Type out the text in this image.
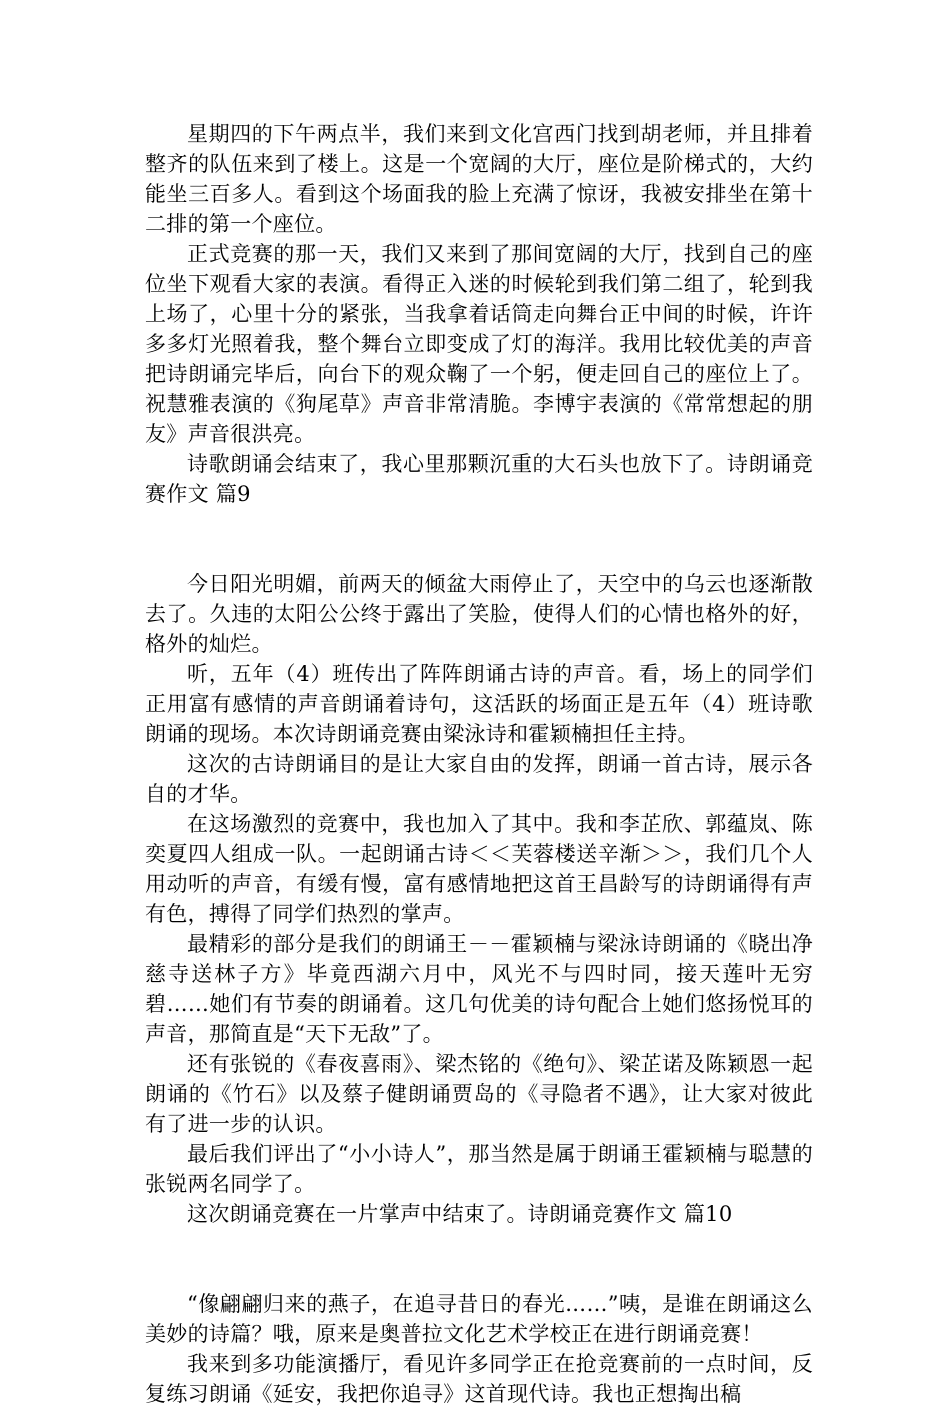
星期四的下午两点半，我们来到文化宫西门找到胡老师，并且排着整齐的队伍来到了楼上。这是一个宽阔的大厅，座位是阶梯式的，大约能坐三百多人。看到这个场面我的脸上充满了惊讶，我被安排坐在第十二排的第一个座位。

正式竞赛的那一天，我们又来到了那间宽阔的大厅，找到自己的座位坐下观看大家的表演。看得正入迷的时候轮到我们第二组了，轮到我上场了，心里十分的紧张，当我拿着话筒走向舞台正中间的时候，许许多多灯光照着我，整个舞台立即变成了灯的海洋。我用比较优美的声音把诗朗诵完毕后，向台下的观众鞠了一个躬，便走回自己的座位上了。祝慧雅表演的《狗尾草》声音非常清脆。李博宇表演的《常常想起的朋友》声音很洪亮。

诗歌朗诵会结束了，我心里那颗沉重的大石头也放下了。诗朗诵竞赛作文 篇9

今日阳光明媚，前两天的倾盆大雨停止了，天空中的乌云也逐渐散去了。久违的太阳公公终于露出了笑脸，使得人们的心情也格外的好，格外的灿烂。

听，五年（4）班传出了阵阵朗诵古诗的声音。看，场上的同学们正用富有感情的声音朗诵着诗句，这活跃的场面正是五年（4）班诗歌朗诵的现场。本次诗朗诵竞赛由梁泳诗和霍颖楠担任主持。

这次的古诗朗诵目的是让大家自由的发挥，朗诵一首古诗，展示各自的才华。

在这场激烈的竞赛中，我也加入了其中。我和李芷欣、郭蕴岚、陈奕夏四人组成一队。一起朗诵古诗＜＜芙蓉楼送辛渐＞＞，我们几个人用动听的声音，有缓有慢，富有感情地把这首王昌龄写的诗朗诵得有声有色，搏得了同学们热烈的掌声。

最精彩的部分是我们的朗诵王－－霍颖楠与梁泳诗朗诵的《晓出净慈寺送林子方》毕竟西湖六月中，风光不与四时同，接天莲叶无穷碧……她们有节奏的朗诵着。这几句优美的诗句配合上她们悠扬悦耳的声音，那简直是“天下无敌”了。

还有张锐的《春夜喜雨》、梁杰铭的《绝句》、梁芷诺及陈颖恩一起朗诵的《竹石》以及蔡子健朗诵贾岛的《寻隐者不遇》，让大家对彼此有了进一步的认识。

最后我们评出了“小小诗人”，那当然是属于朗诵王霍颖楠与聪慧的张锐两名同学了。

这次朗诵竞赛在一片掌声中结束了。诗朗诵竞赛作文 篇10

“像翩翩归来的燕子，在追寻昔日的春光……”咦，是谁在朗诵这么美妙的诗篇？哦，原来是奥普拉文化艺术学校正在进行朗诵竞赛！

我来到多功能演播厅，看见许多同学正在抢竞赛前的一点时间，反复练习朗诵《延安，我把你追寻》这首现代诗。我也正想掏出稿
